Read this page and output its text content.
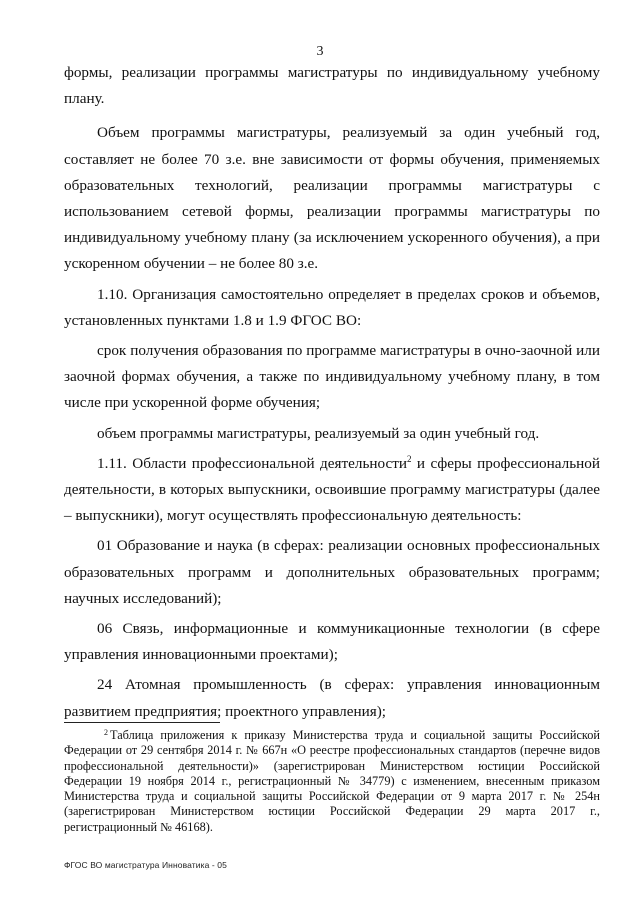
3

формы, реализации программы магистратуры по индивидуальному учебному плану.

Объем программы магистратуры, реализуемый за один учебный год, составляет не более 70 з.е. вне зависимости от формы обучения, применяемых образовательных технологий, реализации программы магистратуры с использованием сетевой формы, реализации программы магистратуры по индивидуальному учебному плану (за исключением ускоренного обучения), а при ускоренном обучении – не более 80 з.е.

1.10. Организация самостоятельно определяет в пределах сроков и объемов, установленных пунктами 1.8 и 1.9 ФГОС ВО:

срок получения образования по программе магистратуры в очно-заочной или заочной формах обучения, а также по индивидуальному учебному плану, в том числе при ускоренной форме обучения;

объем программы магистратуры, реализуемый за один учебный год.

1.11. Области профессиональной деятельности$^2$ и сферы профессиональной деятельности, в которых выпускники, освоившие программу магистратуры (далее – выпускники), могут осуществлять профессиональную деятельность:

01 Образование и наука (в сферах: реализации основных профессиональных образовательных программ и дополнительных образовательных программ; научных исследований);

06 Связь, информационные и коммуникационные технологии (в сфере управления инновационными проектами);

24 Атомная промышленность (в сферах: управления инновационным развитием предприятия; проектного управления);

$^2$ Таблица приложения к приказу Министерства труда и социальной защиты Российской Федерации от 29 сентября 2014 г. № 667н «О реестре профессиональных стандартов (перечне видов профессиональной деятельности)» (зарегистрирован Министерством юстиции Российской Федерации 19 ноября 2014 г., регистрационный № 34779) с изменением, внесенным приказом Министерства труда и социальной защиты Российской Федерации от 9 марта 2017 г. № 254н (зарегистрирован Министерством юстиции Российской Федерации 29 марта 2017 г., регистрационный № 46168).

ФГОС ВО магистратура Инноватика - 05
